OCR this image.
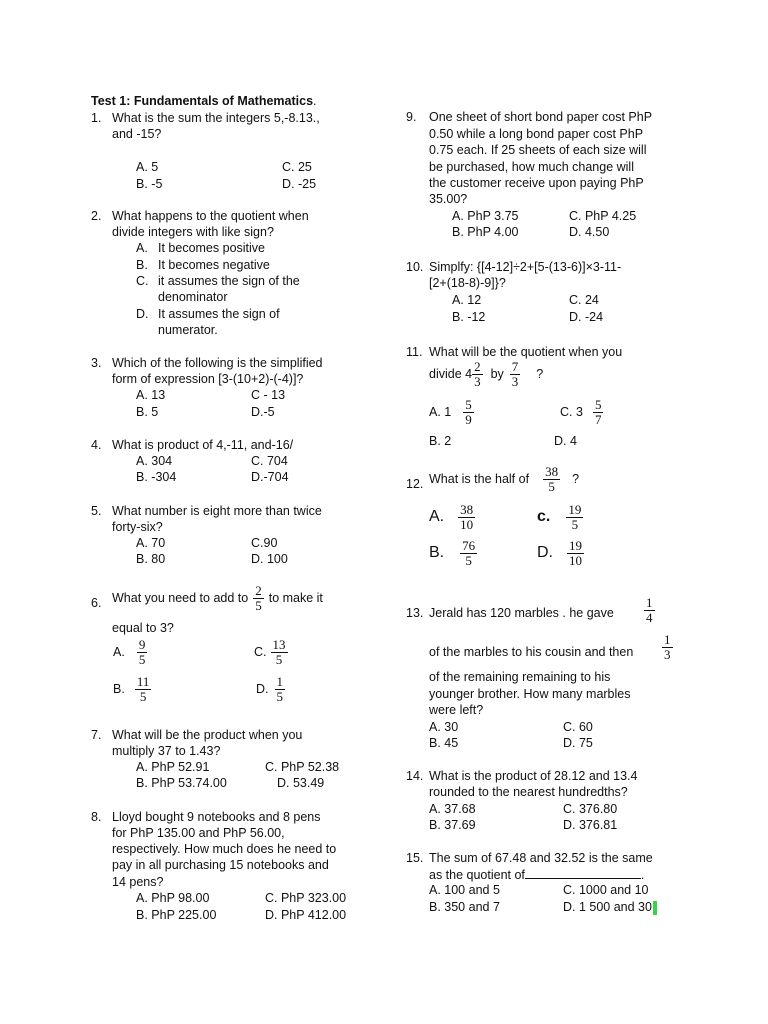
Test 1: Fundamentals of Mathematics.
1. What is the sum the integers 5,-8.13.,
and -15?
A. 5	C. 25
B. -5	D. -25
2. What happens to the quotient when
divide integers with like sign?
A. It becomes positive
B. It becomes negative
C. it assumes the sign of the
denominator
D. It assumes the sign of
numerator.
3. Which of the following is the simplified
form of expression [3-(10+2)-(-4)]?
A. 13	C - 13
B. 5	D.-5
4. What is product of 4,-11, and-16/
A. 304	C. 704
B. -304	D.-704
5. What number is eight more than twice
forty-six?
A. 70	C.90
B. 80	D. 100
6. What you need to add to $\frac{2}{5}$ to make it
equal to 3?
A. $\frac{9}{5}$	C. $\frac{13}{5}$
B. $\frac{11}{5}$	D. $\frac{1}{5}$
7. What will be the product when you
multiply 37 to 1.43?
A. PhP 52.91	C. PhP 52.38
B. PhP 53.74.00	D. 53.49
8. Lloyd bought 9 notebooks and 8 pens
for PhP 135.00 and PhP 56.00,
respectively. How much does he need to
pay in all purchasing 15 notebooks and
14 pens?
A. PhP 98.00	C. PhP 323.00
B. PhP 225.00	D. PhP 412.00
9. One sheet of short bond paper cost PhP
0.50 while a long bond paper cost PhP
0.75 each. If 25 sheets of each size will
be purchased, how much change will
the customer receive upon paying PhP
35.00?
A. PhP 3.75	C. PhP 4.25
B. PhP 4.00	D. 4.50
10. Simplfy: {[4-12]÷2+[5-(13-6)]×3-11-
[2+(18-8)-9]}?
A. 12	C. 24
B. -12	D. -24
11. What will be the quotient when you
divide $4 \frac{2}{3}$ by $\frac{7}{3}$ ?
A. $1 \frac{5}{9}$	C. $3 \frac{5}{7}$
B. 2	D. 4
12. What is the half of $\frac{38}{5}$ ?
A. $\frac{38}{10}$	c. $\frac{19}{5}$
B. $\frac{76}{5}$	D. $\frac{19}{10}$
13. Jerald has 120 marbles . he gave $\frac{1}{4}$
of the marbles to his cousin and then $\frac{1}{3}$
of the remaining remaining to his
younger brother. How many marbles
were left?
A. 30	C. 60
B. 45	D. 75
14. What is the product of 28.12 and 13.4
rounded to the nearest hundredths?
A. 37.68	C. 376.80
B. 37.69	D. 376.81
15. The sum of 67.48 and 32.52 is the same
as the quotient of	.
A. 100 and 5	C. 1000 and 10
B. 350 and 7	D. 1 500 and 30
